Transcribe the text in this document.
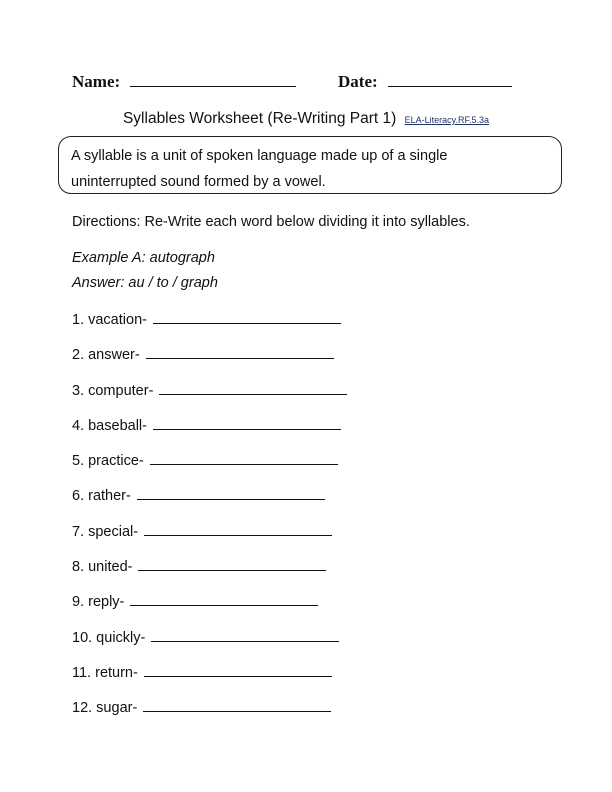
Name:	Date:
Syllables Worksheet (Re-Writing Part 1) ELA-Literacy.RF.5.3a
A syllable is a unit of spoken language made up of a single
uninterrupted sound formed by a vowel.
Directions: Re-Write each word below dividing it into syllables.
Example A: autograph
Answer: au / to / graph
1. vacation-
2. answer-
3. computer-
4. baseball-
5. practice-
6. rather-
7. special-
8. united-
9. reply-
10. quickly-
11. return-
12. sugar-
